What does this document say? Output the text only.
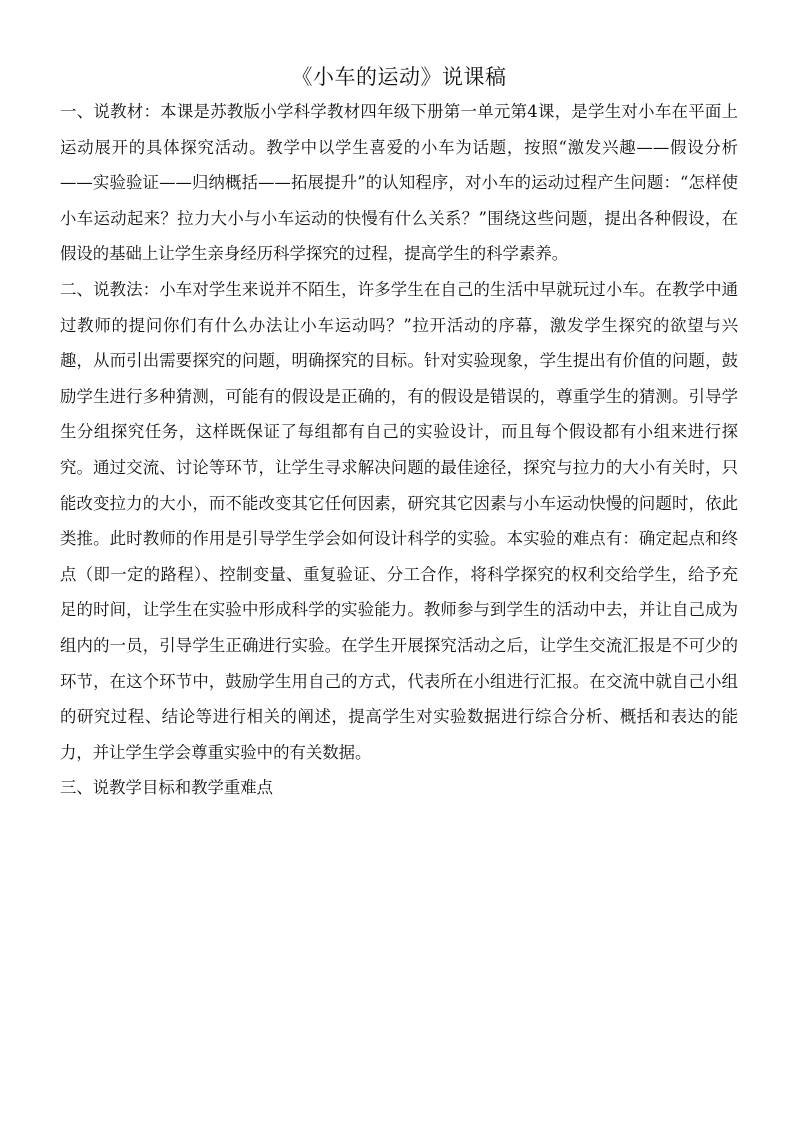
《小车的运动》说课稿

一、说教材：本课是苏教版小学科学教材四年级下册第一单元第4课，是学生对小车在平面上运动展开的具体探究活动。教学中以学生喜爱的小车为话题，按照“激发兴趣——假设分析——实验验证——归纳概括——拓展提升”的认知程序，对小车的运动过程产生问题：“怎样使小车运动起来？拉力大小与小车运动的快慢有什么关系？”围绕这些问题，提出各种假设，在假设的基础上让学生亲身经历科学探究的过程，提高学生的科学素养。

二、说教法：小车对学生来说并不陌生，许多学生在自己的生活中早就玩过小车。在教学中通过教师的提问你们有什么办法让小车运动吗？”拉开活动的序幕，激发学生探究的欲望与兴趣，从而引出需要探究的问题，明确探究的目标。针对实验现象，学生提出有价值的问题，鼓励学生进行多种猜测，可能有的假设是正确的，有的假设是错误的，尊重学生的猜测。引导学生分组探究任务，这样既保证了每组都有自己的实验设计，而且每个假设都有小组来进行探究。通过交流、讨论等环节，让学生寻求解决问题的最佳途径，探究与拉力的大小有关时，只能改变拉力的大小，而不能改变其它任何因素，研究其它因素与小车运动快慢的问题时，依此类推。此时教师的作用是引导学生学会如何设计科学的实验。本实验的难点有：确定起点和终点（即一定的路程）、控制变量、重复验证、分工合作，将科学探究的权利交给学生，给予充足的时间，让学生在实验中形成科学的实验能力。教师参与到学生的活动中去，并让自己成为组内的一员，引导学生正确进行实验。在学生开展探究活动之后，让学生交流汇报是不可少的环节，在这个环节中，鼓励学生用自己的方式，代表所在小组进行汇报。在交流中就自己小组的研究过程、结论等进行相关的阐述，提高学生对实验数据进行综合分析、概括和表达的能力，并让学生学会尊重实验中的有关数据。

三、说教学目标和教学重难点
